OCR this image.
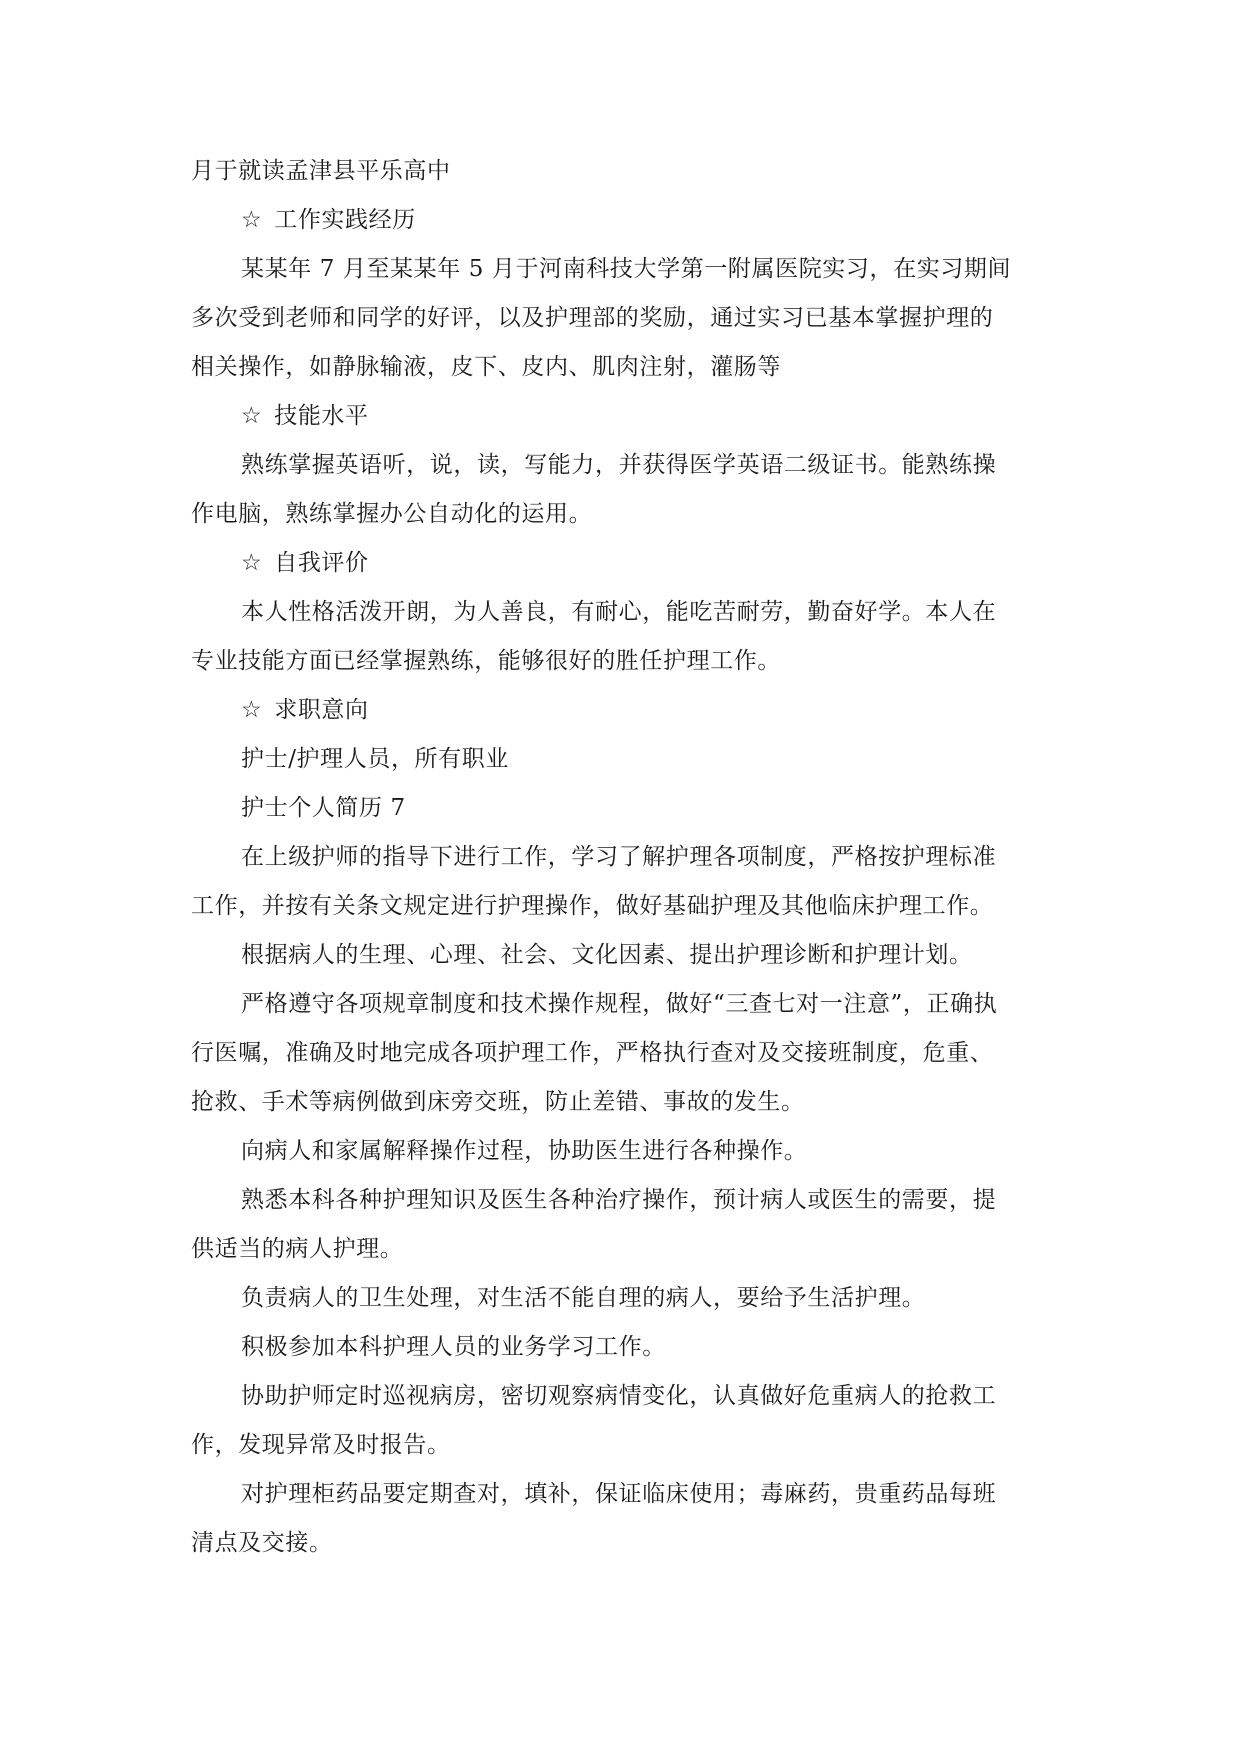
月于就读孟津县平乐高中

☆ 工作实践经历

某某年 7 月至某某年 5 月于河南科技大学第一附属医院实习，在实习期间

多次受到老师和同学的好评，以及护理部的奖励，通过实习已基本掌握护理的

相关操作，如静脉输液，皮下、皮内、肌肉注射，灌肠等

☆ 技能水平

熟练掌握英语听，说，读，写能力，并获得医学英语二级证书。能熟练操

作电脑，熟练掌握办公自动化的运用。

☆ 自我评价

本人性格活泼开朗，为人善良，有耐心，能吃苦耐劳，勤奋好学。本人在

专业技能方面已经掌握熟练，能够很好的胜任护理工作。

☆ 求职意向

护士/护理人员，所有职业

护士个人简历 7

在上级护师的指导下进行工作，学习了解护理各项制度，严格按护理标准

工作，并按有关条文规定进行护理操作，做好基础护理及其他临床护理工作。

根据病人的生理、心理、社会、文化因素、提出护理诊断和护理计划。

严格遵守各项规章制度和技术操作规程，做好“三查七对一注意”，正确执

行医嘱，准确及时地完成各项护理工作，严格执行查对及交接班制度，危重、

抢救、手术等病例做到床旁交班，防止差错、事故的发生。

向病人和家属解释操作过程，协助医生进行各种操作。

熟悉本科各种护理知识及医生各种治疗操作，预计病人或医生的需要，提

供适当的病人护理。

负责病人的卫生处理，对生活不能自理的病人，要给予生活护理。

积极参加本科护理人员的业务学习工作。

协助护师定时巡视病房，密切观察病情变化，认真做好危重病人的抢救工

作，发现异常及时报告。

对护理柜药品要定期查对，填补，保证临床使用；毒麻药，贵重药品每班

清点及交接。
